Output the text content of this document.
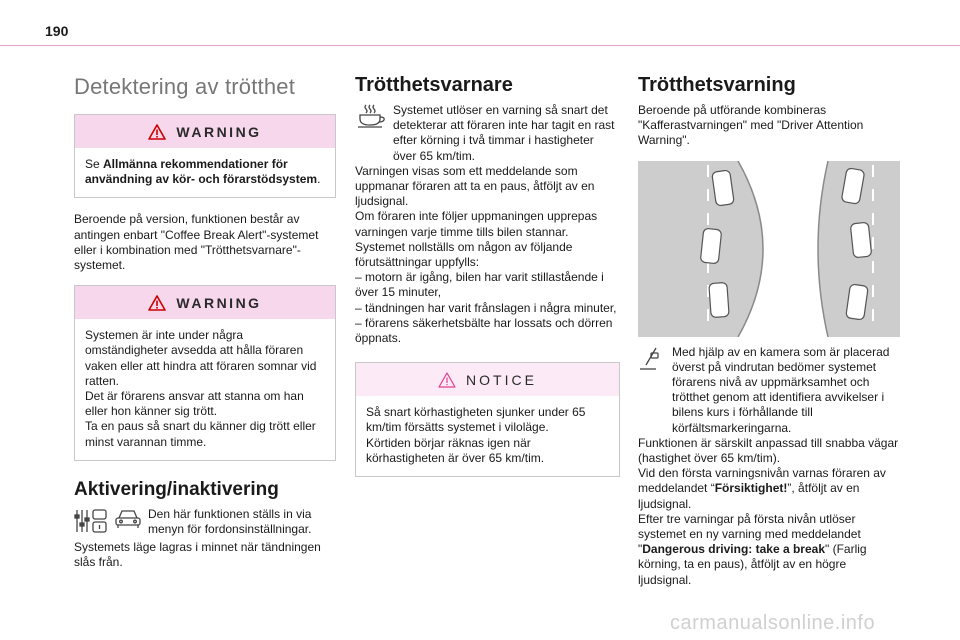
190
Detektering av trötthet
WARNING
Se Allmänna rekommendationer för användning av kör- och förarstödsystem.

Beroende på version, funktionen består av antingen enbart "Coffee Break Alert"-systemet eller i kombination med "Trötthetsvarnare"-systemet.

WARNING
Systemen är inte under några omständigheter avsedda att hålla föraren vaken eller att hindra att föraren somnar vid ratten.
Det är förarens ansvar att stanna om han eller hon känner sig trött.
Ta en paus så snart du känner dig trött eller minst varannan timme.
Aktivering/inaktivering

Den här funktionen ställs in via menyn för fordonsinställningar.

Systemets läge lagras i minnet när tändningen slås från.

Trötthetsvarnare

Systemet utlöser en varning så snart det detekterar att föraren inte har tagit en rast efter körning i två timmar i hastigheter över 65 km/tim.

Varningen visas som ett meddelande som uppmanar föraren att ta en paus, åtföljt av en ljudsignal.

Om föraren inte följer uppmaningen upprepas varningen varje timme tills bilen stannar.

Systemet nollställs om någon av följande förutsättningar uppfylls:

– motorn är igång, bilen har varit stillastående i över 15 minuter,

– tändningen har varit frånslagen i några minuter,

– förarens säkerhetsbälte har lossats och dörren öppnats.

NOTICE
Så snart körhastigheten sjunker under 65 km/tim försätts systemet i viloläge.
Körtiden börjar räknas igen när körhastigheten är över 65 km/tim.
Trötthetsvarning

Beroende på utförande kombineras "Kafferastvarningen" med "Driver Attention Warning".

Med hjälp av en kamera som är placerad överst på vindrutan bedömer systemet förarens nivå av uppmärksamhet och trötthet genom att identifiera avvikelser i bilens kurs i förhållande till körfältsmarkeringarna.

Funktionen är särskilt anpassad till snabba vägar (hastighet över 65 km/tim).

Vid den första varningsnivån varnas föraren av meddelandet “Försiktighet!”, åtföljt av en ljudsignal.

Efter tre varningar på första nivån utlöser systemet en ny varning med meddelandet "Dangerous driving: take a break" (Farlig körning, ta en paus), åtföljt av en högre ljudsignal.

carmanualsonline.info
